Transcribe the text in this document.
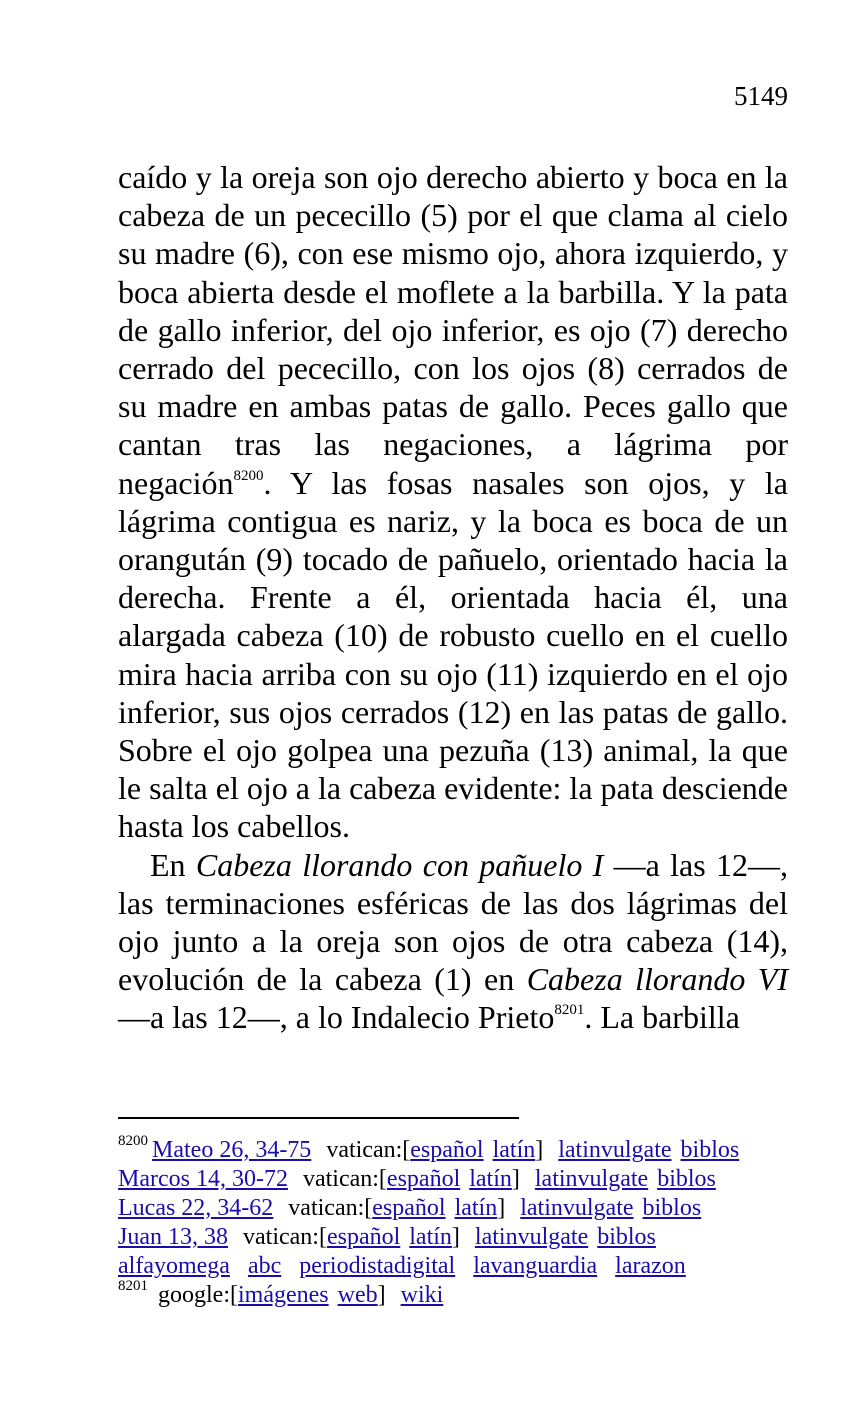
5149

caído y la oreja son ojo derecho abierto y boca en la cabeza de un pececillo (5) por el que clama al cielo su madre (6), con ese mismo ojo, ahora izquierdo, y boca abierta desde el moflete a la barbilla. Y la pata de gallo inferior, del ojo inferior, es ojo (7) derecho cerrado del pececillo, con los ojos (8) cerrados de su madre en ambas patas de gallo. Peces gallo que cantan tras las negaciones, a lágrima por negación$^{8200}$. Y las fosas nasales son ojos, y la lágrima contigua es nariz, y la boca es boca de un orangután (9) tocado de pañuelo, orientado hacia la derecha. Frente a él, orientada hacia él, una alargada cabeza (10) de robusto cuello en el cuello mira hacia arriba con su ojo (11) izquierdo en el ojo inferior, sus ojos cerrados (12) en las patas de gallo. Sobre el ojo golpea una pezuña (13) animal, la que le salta el ojo a la cabeza evidente: la pata desciende hasta los cabellos.

En Cabeza llorando con pañuelo I —a las 12—, las terminaciones esféricas de las dos lágrimas del ojo junto a la oreja son ojos de otra cabeza (14), evolución de la cabeza (1) en Cabeza llorando VI —a las 12—, a lo Indalecio Prieto$^{8201}$. La barbilla

$^{8200}$ Mateo 26, 34-75 vatican:[español latín] latinvulgate biblos
Marcos 14, 30-72 vatican:[español latín] latinvulgate biblos
Lucas 22, 34-62 vatican:[español latín] latinvulgate biblos
Juan 13, 38 vatican:[español latín] latinvulgate biblos
alfayomega abc periodistadigital lavanguardia larazon
$^{8201}$ google:[imágenes web] wiki
